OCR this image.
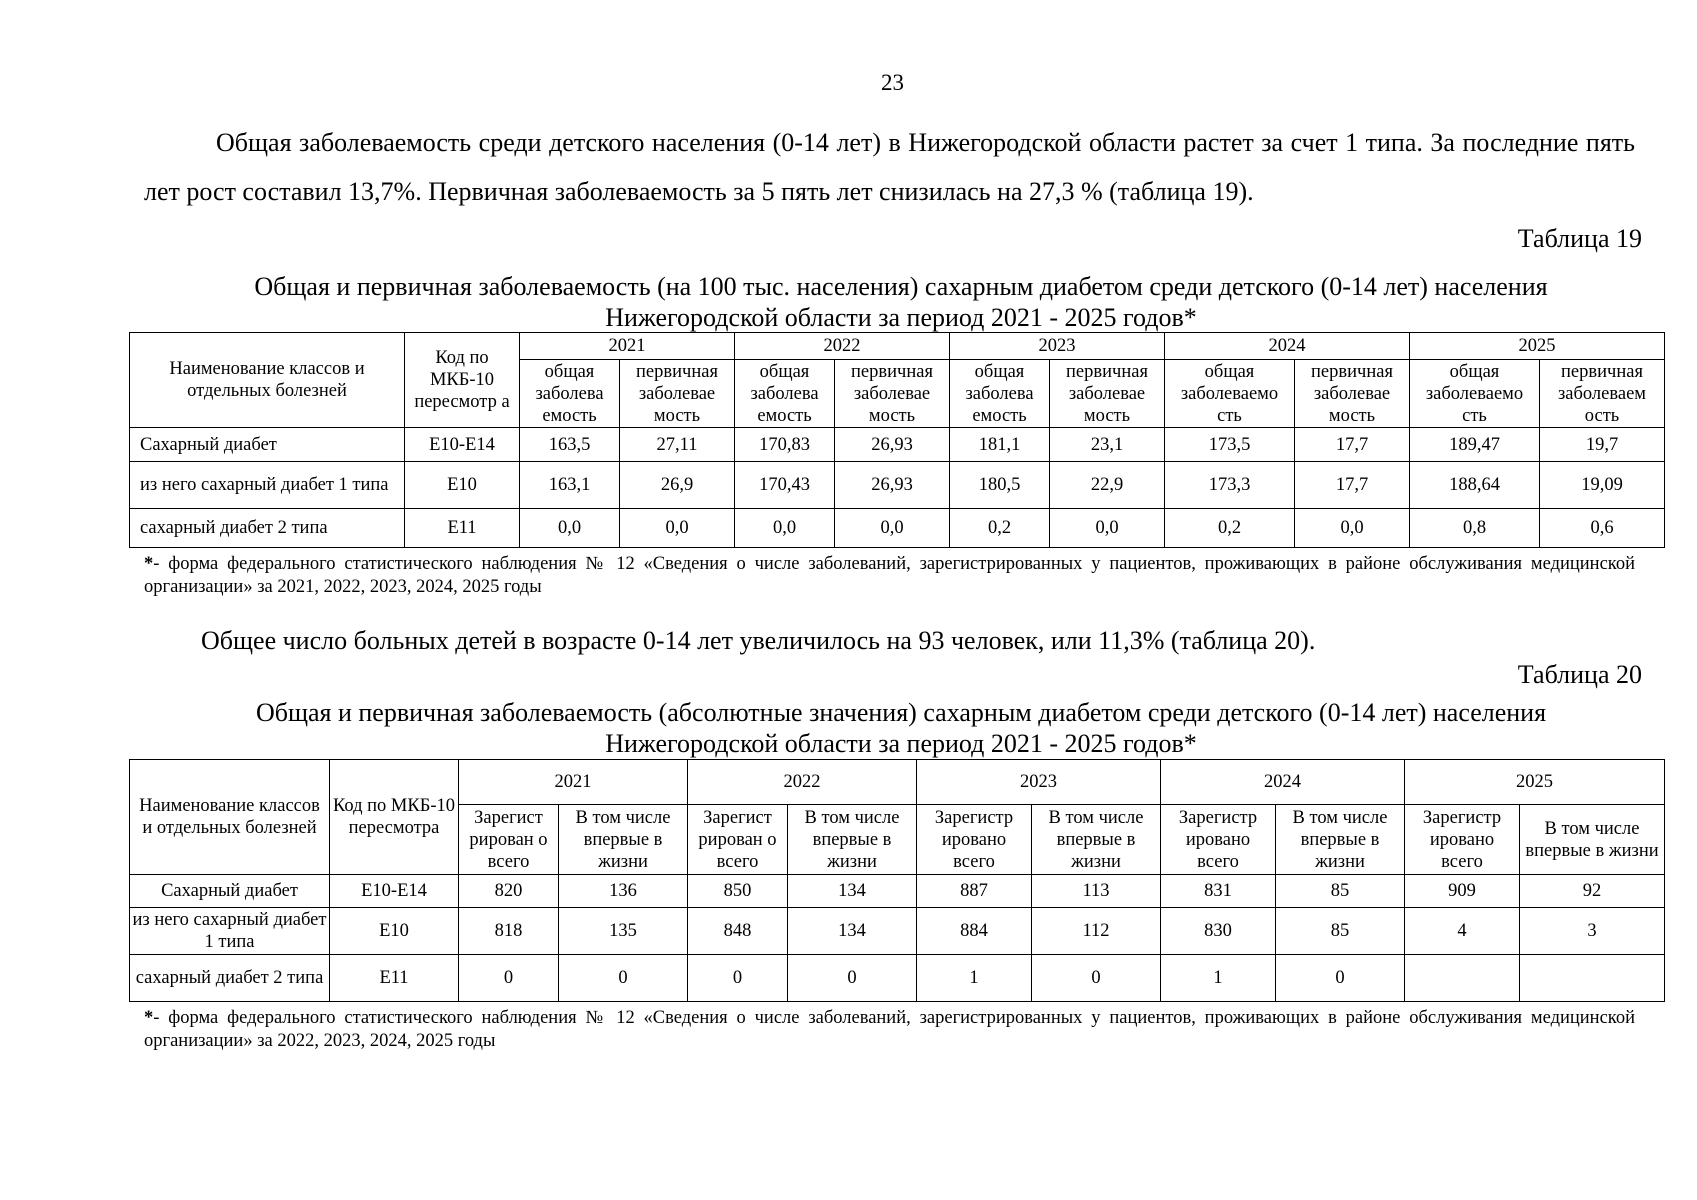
23

Общая заболеваемость среди детского населения (0-14 лет) в Нижегородской области растет за счет 1 типа. За последние пять лет рост составил 13,7%. Первичная заболеваемость за 5 пять лет снизилась на 27,3 % (таблица 19).

Таблица 19
Общая и первичная заболеваемость (на 100 тыс. населения) сахарным диабетом среди детского (0-14 лет) населения
Нижегородской области за период 2021 - 2025 годов*
Наименование классов и отдельных болезней	Код по МКБ-10 пересмотр а	2021		2022		2023		2024		2025	
		общая заболева емость	первичная заболевае мость	общая заболева емость	первичная заболевае мость	общая заболева емость	первичная заболевае мость	общая заболеваемо сть	первичная заболевае мость	общая заболеваемо сть	первичная заболеваем ость
Сахарный диабет	Е10-Е14	163,5	27,11	170,83	26,93	181,1	23,1	173,5	17,7	189,47	19,7
из него сахарный диабет 1 типа	Е10	163,1	26,9	170,43	26,93	180,5	22,9	173,3	17,7	188,64	19,09
сахарный диабет 2 типа	Е11	0,0	0,0	0,0	0,0	0,2	0,0	0,2	0,0	0,8	0,6

*- форма федерального статистического наблюдения № 12 «Сведения о числе заболеваний, зарегистрированных у пациентов, проживающих в районе обслуживания медицинской организации» за 2021, 2022, 2023, 2024, 2025 годы

Общее число больных детей в возрасте 0-14 лет увеличилось на 93 человек, или 11,3% (таблица 20).

Таблица 20
Общая и первичная заболеваемость (абсолютные значения) сахарным диабетом среди детского (0-14 лет) населения
Нижегородской области за период 2021 - 2025 годов*
Наименование классов и отдельных болезней	Код по МКБ-10 пересмотра	2021		2022		2023		2024		2025	
		Зарегист рирован о всего	В том числе впервые в жизни	Зарегист рирован о всего	В том числе впервые в жизни	Зарегистр ировано всего	В том числе впервые в жизни	Зарегистр ировано всего	В том числе впервые в жизни	Зарегистр ировано всего	В том числе впервые в жизни
Сахарный диабет	Е10-Е14	820	136	850	134	887	113	831	85	909	92
из него сахарный диабет 1 типа	Е10	818	135	848	134	884	112	830	85	4	3
сахарный диабет 2 типа	Е11	0	0	0	0	1	0	1	0		

*- форма федерального статистического наблюдения № 12 «Сведения о числе заболеваний, зарегистрированных у пациентов, проживающих в районе обслуживания медицинской организации» за 2022, 2023, 2024, 2025 годы
